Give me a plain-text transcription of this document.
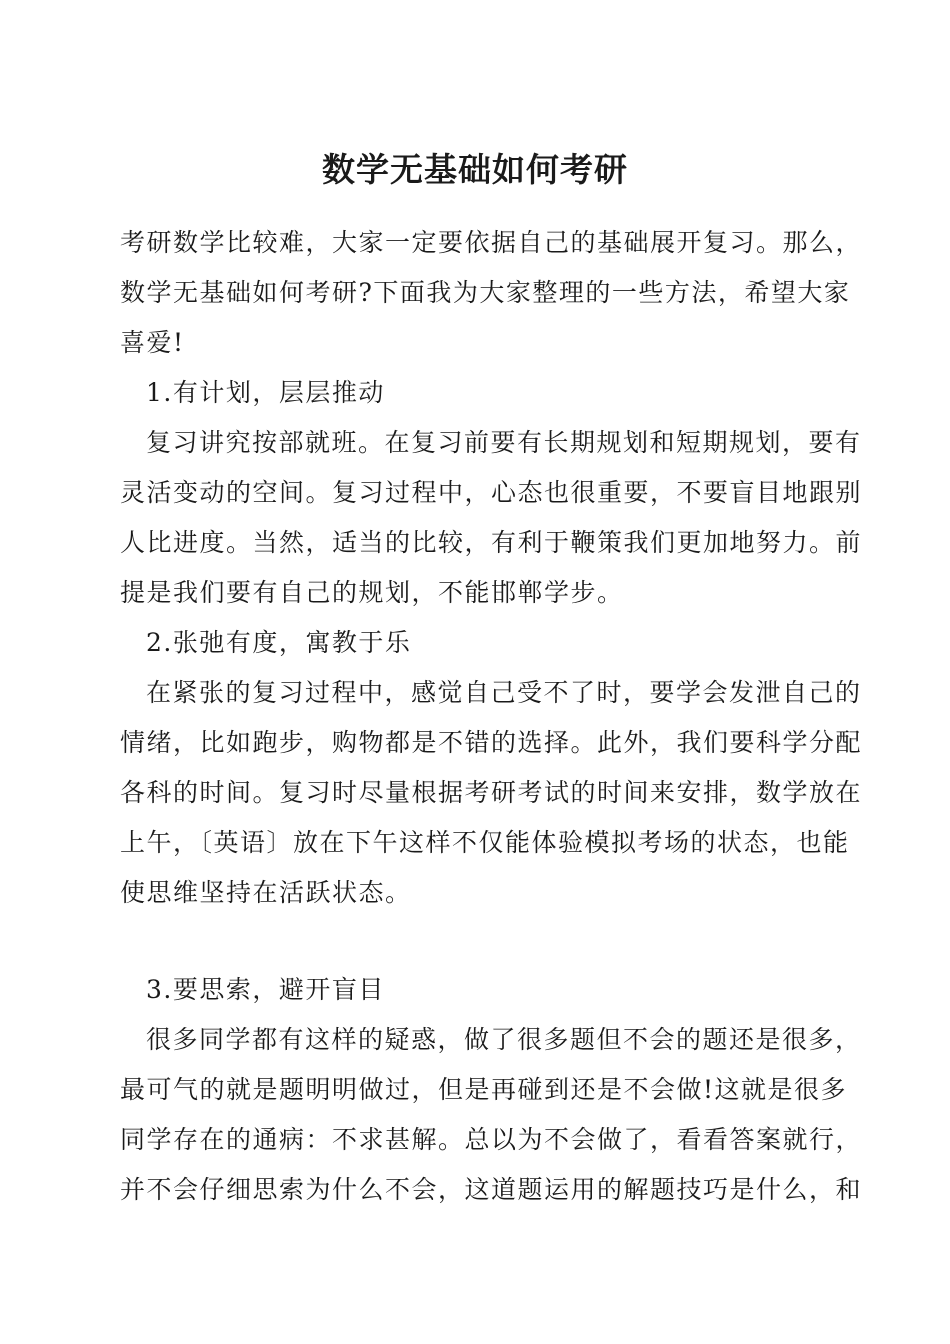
数学无基础如何考研
考研数学比较难，大家一定要依据自己的基础展开复习。那么，
数学无基础如何考研?下面我为大家整理的一些方法，希望大家
喜爱!
1.有计划，层层推动
复习讲究按部就班。在复习前要有长期规划和短期规划，要有
灵活变动的空间。复习过程中，心态也很重要，不要盲目地跟别
人比进度。当然，适当的比较，有利于鞭策我们更加地努力。前
提是我们要有自己的规划，不能邯郸学步。
2.张弛有度，寓教于乐
在紧张的复习过程中，感觉自己受不了时，要学会发泄自己的
情绪，比如跑步，购物都是不错的选择。此外，我们要科学分配
各科的时间。复习时尽量根据考研考试的时间来安排，数学放在
上午，〔英语〕放在下午这样不仅能体验模拟考场的状态，也能
使思维坚持在活跃状态。
3.要思索，避开盲目
很多同学都有这样的疑惑，做了很多题但不会的题还是很多，
最可气的就是题明明做过，但是再碰到还是不会做!这就是很多
同学存在的通病：不求甚解。总以为不会做了，看看答案就行，
并不会仔细思索为什么不会，这道题运用的解题技巧是什么，和
